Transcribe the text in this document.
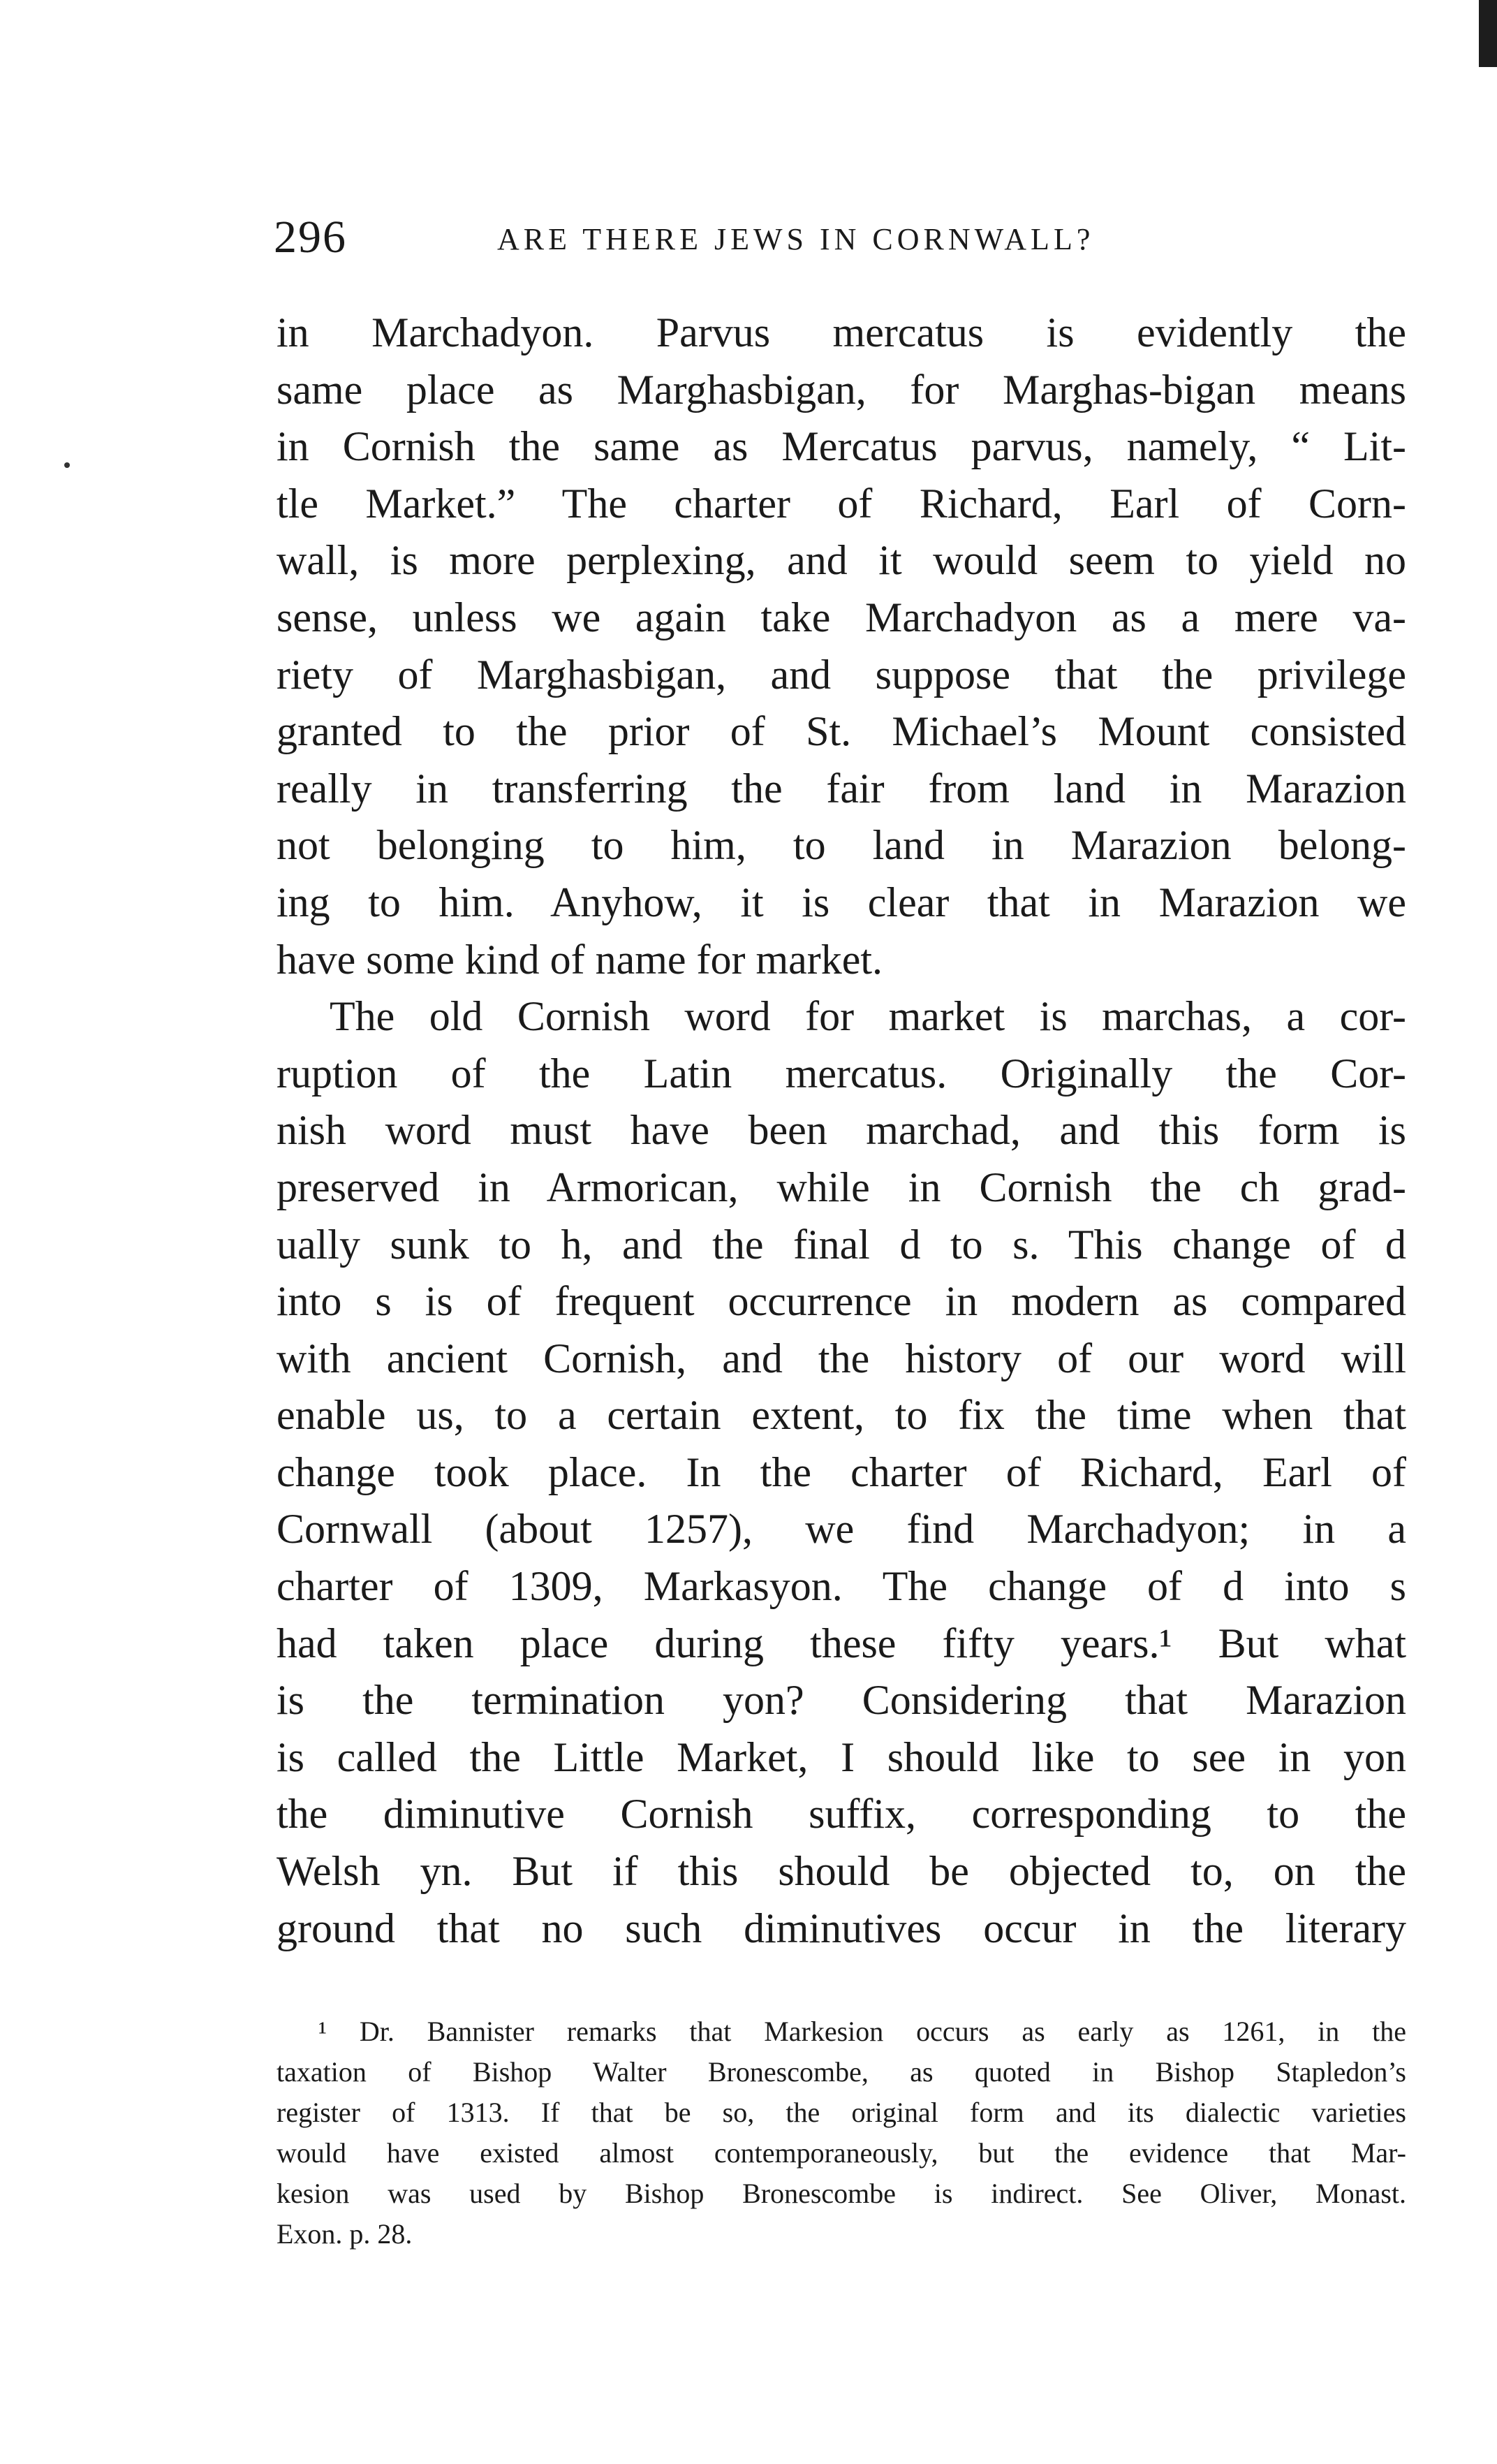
296	ARE THERE JEWS IN CORNWALL?
in Marchadyon. Parvus mercatus is evidently the
same place as Marghasbigan, for Marghas-bigan means
in Cornish the same as Mercatus parvus, namely, “ Lit-
tle Market.” The charter of Richard, Earl of Corn-
wall, is more perplexing, and it would seem to yield no
sense, unless we again take Marchadyon as a mere va-
riety of Marghasbigan, and suppose that the privilege
granted to the prior of St. Michael’s Mount consisted
really in transferring the fair from land in Marazion
not belonging to him, to land in Marazion belong-
ing to him. Anyhow, it is clear that in Marazion we
have some kind of name for market.
The old Cornish word for market is marchas, a cor-
ruption of the Latin mercatus. Originally the Cor-
nish word must have been marchad, and this form is
preserved in Armorican, while in Cornish the ch grad-
ually sunk to h, and the final d to s. This change of d
into s is of frequent occurrence in modern as compared
with ancient Cornish, and the history of our word will
enable us, to a certain extent, to fix the time when that
change took place. In the charter of Richard, Earl of
Cornwall (about 1257), we find Marchadyon; in a
charter of 1309, Markasyon. The change of d into s
had taken place during these fifty years.¹ But what
is the termination yon? Considering that Marazion
is called the Little Market, I should like to see in yon
the diminutive Cornish suffix, corresponding to the
Welsh yn. But if this should be objected to, on the
ground that no such diminutives occur in the literary
¹ Dr. Bannister remarks that Markesion occurs as early as 1261, in the
taxation of Bishop Walter Bronescombe, as quoted in Bishop Stapledon’s
register of 1313. If that be so, the original form and its dialectic varieties
would have existed almost contemporaneously, but the evidence that Mar-
kesion was used by Bishop Bronescombe is indirect. See Oliver, Monast.
Exon. p. 28.
